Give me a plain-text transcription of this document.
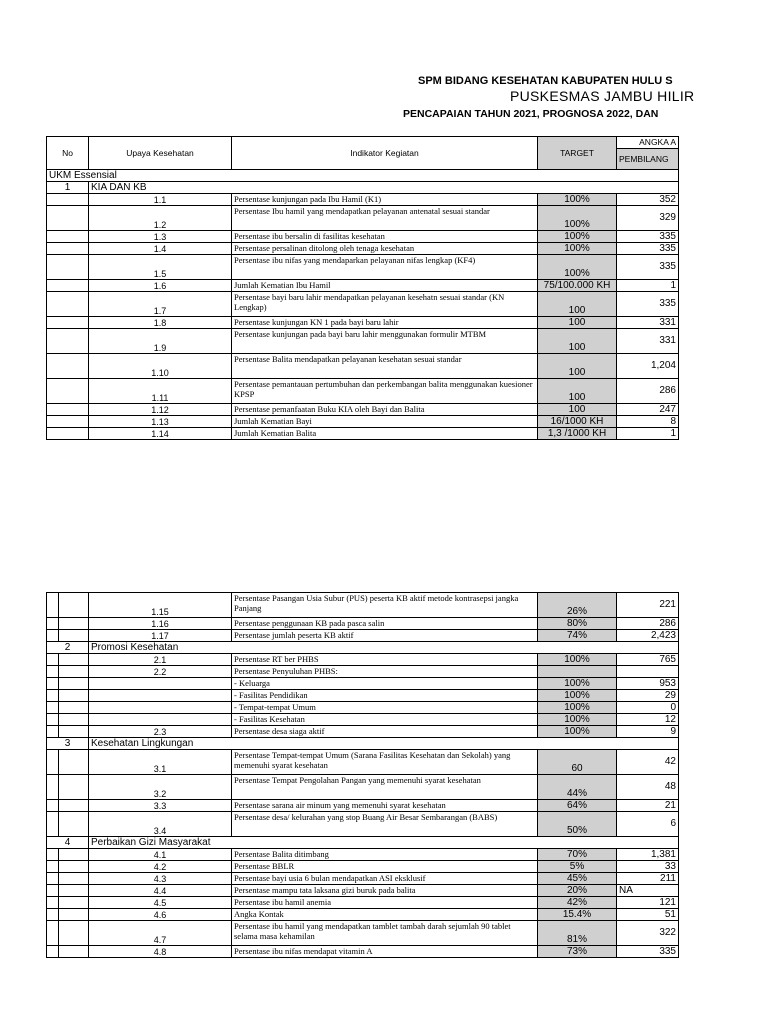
SPM BIDANG KESEHATAN KABUPATEN HULU S
PUSKESMAS JAMBU HILIR
PENCAPAIAN TAHUN 2021, PROGNOSA 2022, DAN
No	Upaya Kesehatan	Indikator Kegiatan	TARGET	ANGKA A
				PEMBILANG
UKM Essensial				
1	KIA DAN KB			
	1.1	Persentase kunjungan pada Ibu Hamil (K1)	100%	352
	1.2	Persentase Ibu hamil yang mendapatkan pelayanan antenatal sesuai standar	100%	329
	1.3	Persentase ibu bersalin di fasilitas kesehatan	100%	335
	1.4	Persentase persalinan ditolong oleh tenaga kesehatan	100%	335
	1.5	Persentase ibu nifas yang mendaparkan pelayanan nifas lengkap (KF4)	100%	335
	1.6	Jumlah Kematian Ibu Hamil	75/100.000 KH	1
	1.7	Persentase bayi baru lahir mendapatkan pelayanan kesehatn sesuai standar (KN Lengkap)	100	335
	1.8	Persentase kunjungan KN 1 pada bayi baru lahir	100	331
	1.9	Persentase kunjungan pada bayi baru lahir menggunakan formulir MTBM	100	331
	1.10	Persentase Balita mendapatkan pelayanan kesehatan sesuai standar	100	1,204
	1.11	Persentase pemantauan pertumbuhan dan perkembangan balita menggunakan kuesioner KPSP	100	286
	1.12	Persentase pemanfaatan Buku KIA oleh Bayi dan Balita	100	247
	1.13	Jumlah Kematian Bayi	16/1000 KH	8
	1.14	Jumlah Kematian Balita	1,3 /1000 KH	1
		1.15	Persentase Pasangan Usia Subur (PUS) peserta KB aktif metode kontrasepsi jangka Panjang	26%	221
		1.16	Persentase penggunaan KB pada pasca salin	80%	286
		1.17	Persentase jumlah peserta KB aktif	74%	2,423
2		Promosi Kesehatan			
		2.1	Persentase RT ber PHBS	100%	765
		2.2	Persentase Penyuluhan PHBS:		
			- Keluarga	100%	953
			- Fasilitas Pendidikan	100%	29
			- Tempat-tempat Umum	100%	0
			- Fasilitas Kesehatan	100%	12
		2.3	Persentase desa siaga aktif	100%	9
3		Kesehatan Lingkungan			
		3.1	Persentase Tempat-tempat Umum (Sarana Fasilitas Kesehatan dan Sekolah) yang memenuhi syarat kesehatan	60	42
		3.2	Persentase Tempat Pengolahan Pangan yang memenuhi syarat kesehatan	44%	48
		3.3	Persentase sarana air minum yang memenuhi syarat kesehatan	64%	21
		3.4	Persentase desa/ kelurahan yang stop Buang Air Besar Sembarangan (BABS)	50%	6
4		Perbaikan Gizi Masyarakat			
		4.1	Persentase Balita ditimbang	70%	1,381
		4.2	Persentase BBLR	5%	33
		4.3	Persentase bayi usia 6 bulan mendapatkan ASI eksklusif	45%	211
		4.4	Persentase mampu tata laksana gizi buruk pada balita	20%	NA
		4.5	Persentase ibu hamil anemia	42%	121
		4.6	Angka Kontak	15.4%	51
		4.7	Persentase ibu hamil yang mendapatkan tamblet tambah darah sejumlah 90 tablet selama masa kehamilan	81%	322
		4.8	Persentase ibu nifas mendapat vitamin A	73%	335
